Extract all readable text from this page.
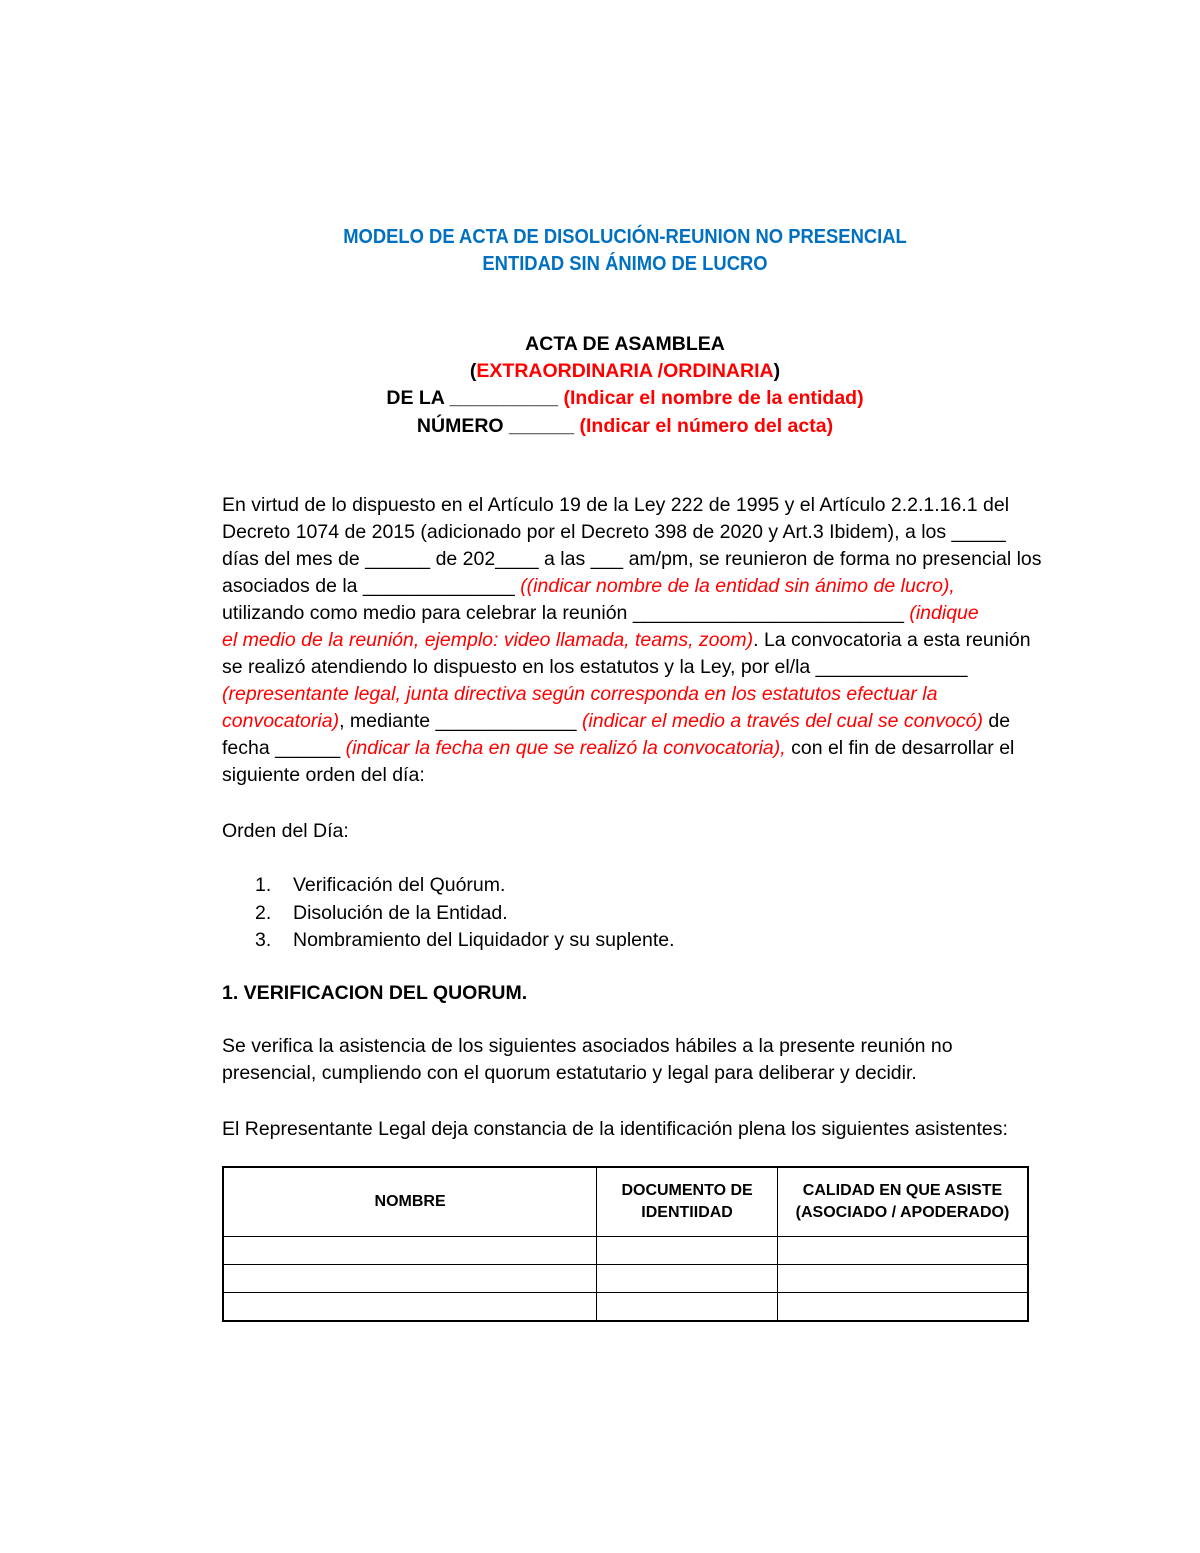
MODELO DE ACTA DE DISOLUCIÓN-REUNION NO PRESENCIAL
ENTIDAD SIN ÁNIMO DE LUCRO
ACTA DE ASAMBLEA
(EXTRAORDINARIA /ORDINARIA)
DE LA __________ (Indicar el nombre de la entidad)
NÚMERO ______ (Indicar el número del acta)
En virtud de lo dispuesto en el Artículo 19 de la Ley 222 de 1995 y el Artículo 2.2.1.16.1 del
Decreto 1074 de 2015 (adicionado por el Decreto 398 de 2020 y Art.3 Ibidem), a los _____
días del mes de ______ de 202____ a las ___ am/pm, se reunieron de forma no presencial los
asociados de la ______________ ((indicar nombre de la entidad sin ánimo de lucro),
utilizando como medio para celebrar la reunión _________________________ (indique
el medio de la reunión, ejemplo: video llamada, teams, zoom). La convocatoria a esta reunión
se realizó atendiendo lo dispuesto en los estatutos y la Ley, por el/la ______________
(representante legal, junta directiva según corresponda en los estatutos efectuar la
convocatoria), mediante _____________ (indicar el medio a través del cual se convocó) de
fecha ______ (indicar la fecha en que se realizó la convocatoria), con el fin de desarrollar el
siguiente orden del día:
Orden del Día:
1. Verificación del Quórum.
2. Disolución de la Entidad.
3. Nombramiento del Liquidador y su suplente.
1. VERIFICACION DEL QUORUM.
Se verifica la asistencia de los siguientes asociados hábiles a la presente reunión no
presencial, cumpliendo con el quorum estatutario y legal para deliberar y decidir.
El Representante Legal deja constancia de la identificación plena los siguientes asistentes:
NOMBRE	DOCUMENTO DE IDENTIIDAD	CALIDAD EN QUE ASISTE (ASOCIADO / APODERADO)
